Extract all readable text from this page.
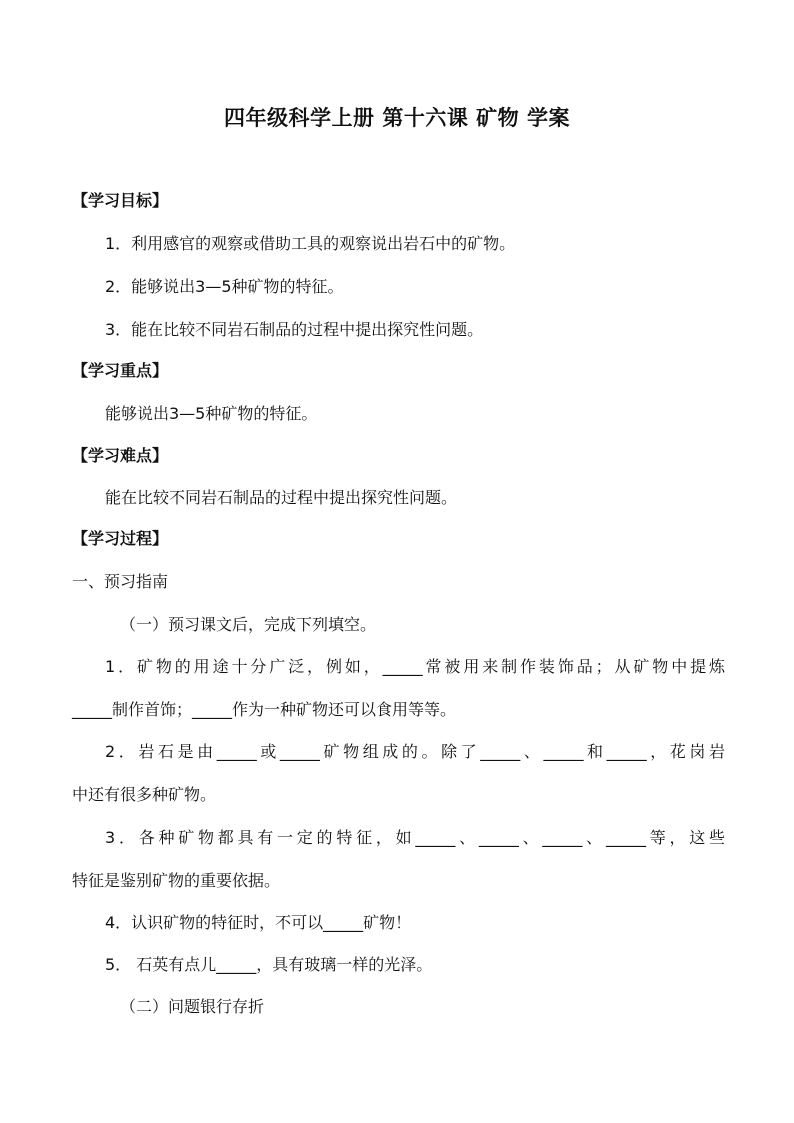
四年级科学上册 第十六课 矿物 学案
【学习目标】
1．利用感官的观察或借助工具的观察说出岩石中的矿物。
2．能够说出3—5种矿物的特征。
3．能在比较不同岩石制品的过程中提出探究性问题。
【学习重点】
能够说出3—5种矿物的特征。
【学习难点】
能在比较不同岩石制品的过程中提出探究性问题。
【学习过程】
一、预习指南
（一）预习课文后，完成下列填空。
1．矿物的用途十分广泛，例如，_____常被用来制作装饰品；从矿物中提炼
_____制作首饰；_____作为一种矿物还可以食用等等。
2．岩石是由_____或_____矿物组成的。除了_____、_____和_____，花岗岩
中还有很多种矿物。
3．各种矿物都具有一定的特征，如_____、_____、_____、_____等，这些
特征是鉴别矿物的重要依据。
4．认识矿物的特征时，不可以_____矿物！
5． 石英有点儿_____，具有玻璃一样的光泽。
（二）问题银行存折
